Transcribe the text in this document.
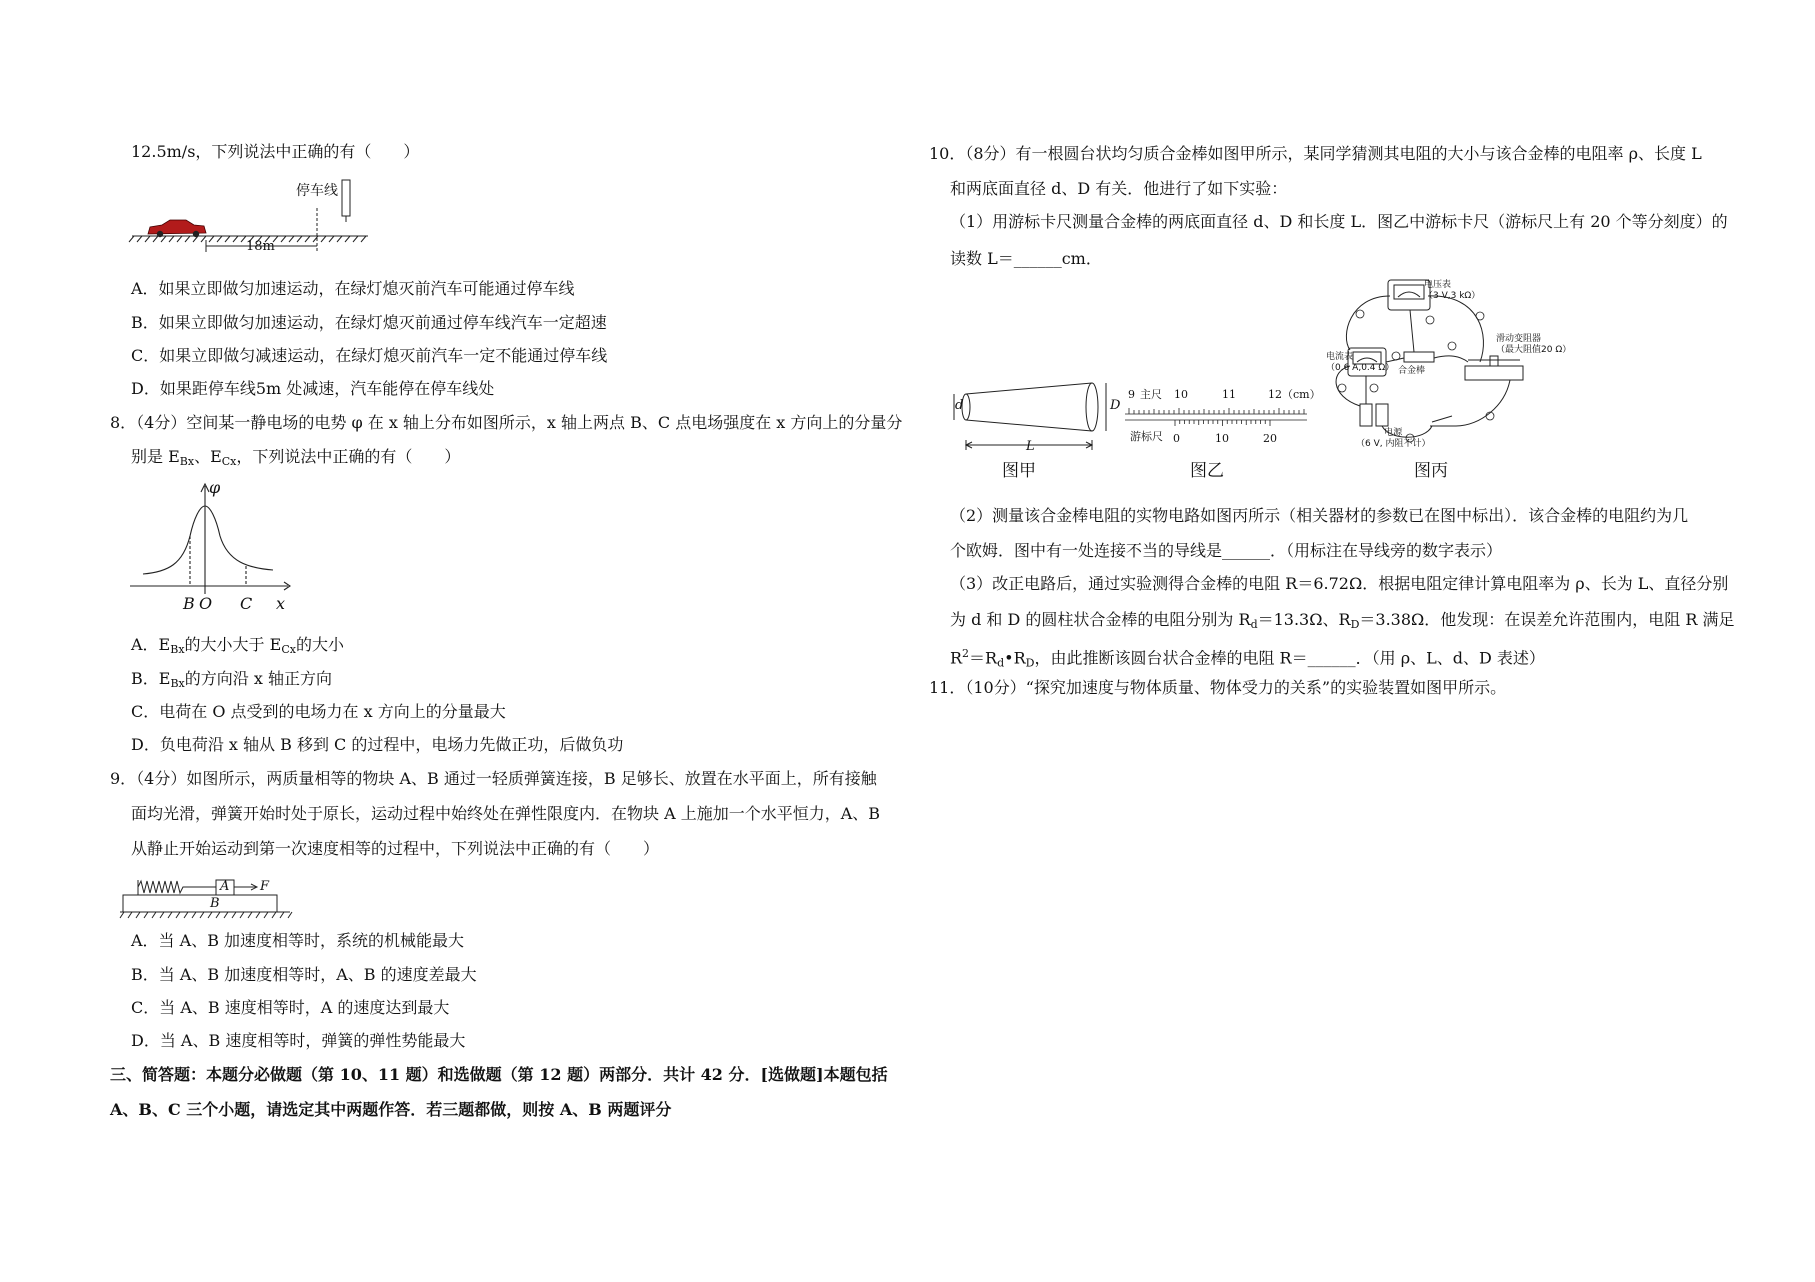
12.5m/s，下列说法中正确的有（　　）
停车线
18m
A．如果立即做匀加速运动，在绿灯熄灭前汽车可能通过停车线
B．如果立即做匀加速运动，在绿灯熄灭前通过停车线汽车一定超速
C．如果立即做匀减速运动，在绿灯熄灭前汽车一定不能通过停车线
D．如果距停车线5m 处减速，汽车能停在停车线处
8．（4分）空间某一静电场的电势 φ 在 x 轴上分布如图所示，x 轴上两点 B、C 点电场强度在 x 方向上的分量分
别是 $E_{Bx}$、$E_{Cx}$，下列说法中正确的有（　　）
φ
B O C x
A．$E_{Bx}$的大小大于 $E_{Cx}$的大小
B．$E_{Bx}$的方向沿 x 轴正方向
C．电荷在 O 点受到的电场力在 x 方向上的分量最大
D．负电荷沿 x 轴从 B 移到 C 的过程中，电场力先做正功，后做负功
9．（4分）如图所示，两质量相等的物块 A、B 通过一轻质弹簧连接，B 足够长、放置在水平面上，所有接触
面均光滑，弹簧开始时处于原长，运动过程中始终处在弹性限度内．在物块 A 上施加一个水平恒力，A、B
从静止开始运动到第一次速度相等的过程中，下列说法中正确的有（　　）
A F
B
A．当 A、B 加速度相等时，系统的机械能最大
B．当 A、B 加速度相等时，A、B 的速度差最大
C．当 A、B 速度相等时，A 的速度达到最大
D．当 A、B 速度相等时，弹簧的弹性势能最大
三、简答题：本题分必做题（第 10、11 题）和选做题（第 12 题）两部分．共计 42 分．[选做题]本题包括
A、B、C 三个小题，请选定其中两题作答．若三题都做，则按 A、B 两题评分
10．（8分）有一根圆台状均匀质合金棒如图甲所示，某同学猜测其电阻的大小与该合金棒的电阻率 ρ、长度 L
和两底面直径 d、D 有关．他进行了如下实验：
（1）用游标卡尺测量合金棒的两底面直径 d、D 和长度 L．图乙中游标卡尺（游标尺上有 20 个等分刻度）的
读数 L＝______cm．
d	D
L
9 主尺 10	11	12 （cm）
游标尺 0	10	20
电压表
（3 V,3 kΩ）
电流表
（0.6 A,0.4 Ω） 合金棒
滑动变阻器
（最大阻值20 Ω）
电源
（6 V, 内阻不计）
图甲	图乙	图丙
（2）测量该合金棒电阻的实物电路如图丙所示（相关器材的参数已在图中标出）．该合金棒的电阻约为几
个欧姆．图中有一处连接不当的导线是______．（用标注在导线旁的数字表示）
（3）改正电路后，通过实验测得合金棒的电阻 R＝6.72Ω．根据电阻定律计算电阻率为 ρ、长为 L、直径分别
为 d 和 D 的圆柱状合金棒的电阻分别为 $R_d=13.3\Omega$、$R_D=3.38\Omega$．他发现：在误差允许范围内，电阻 R 满足
$R^2=R_d•R_D$，由此推断该圆台状合金棒的电阻 R＝______．（用 ρ、L、d、D 表述）
11．（10分）“探究加速度与物体质量、物体受力的关系”的实验装置如图甲所示。
